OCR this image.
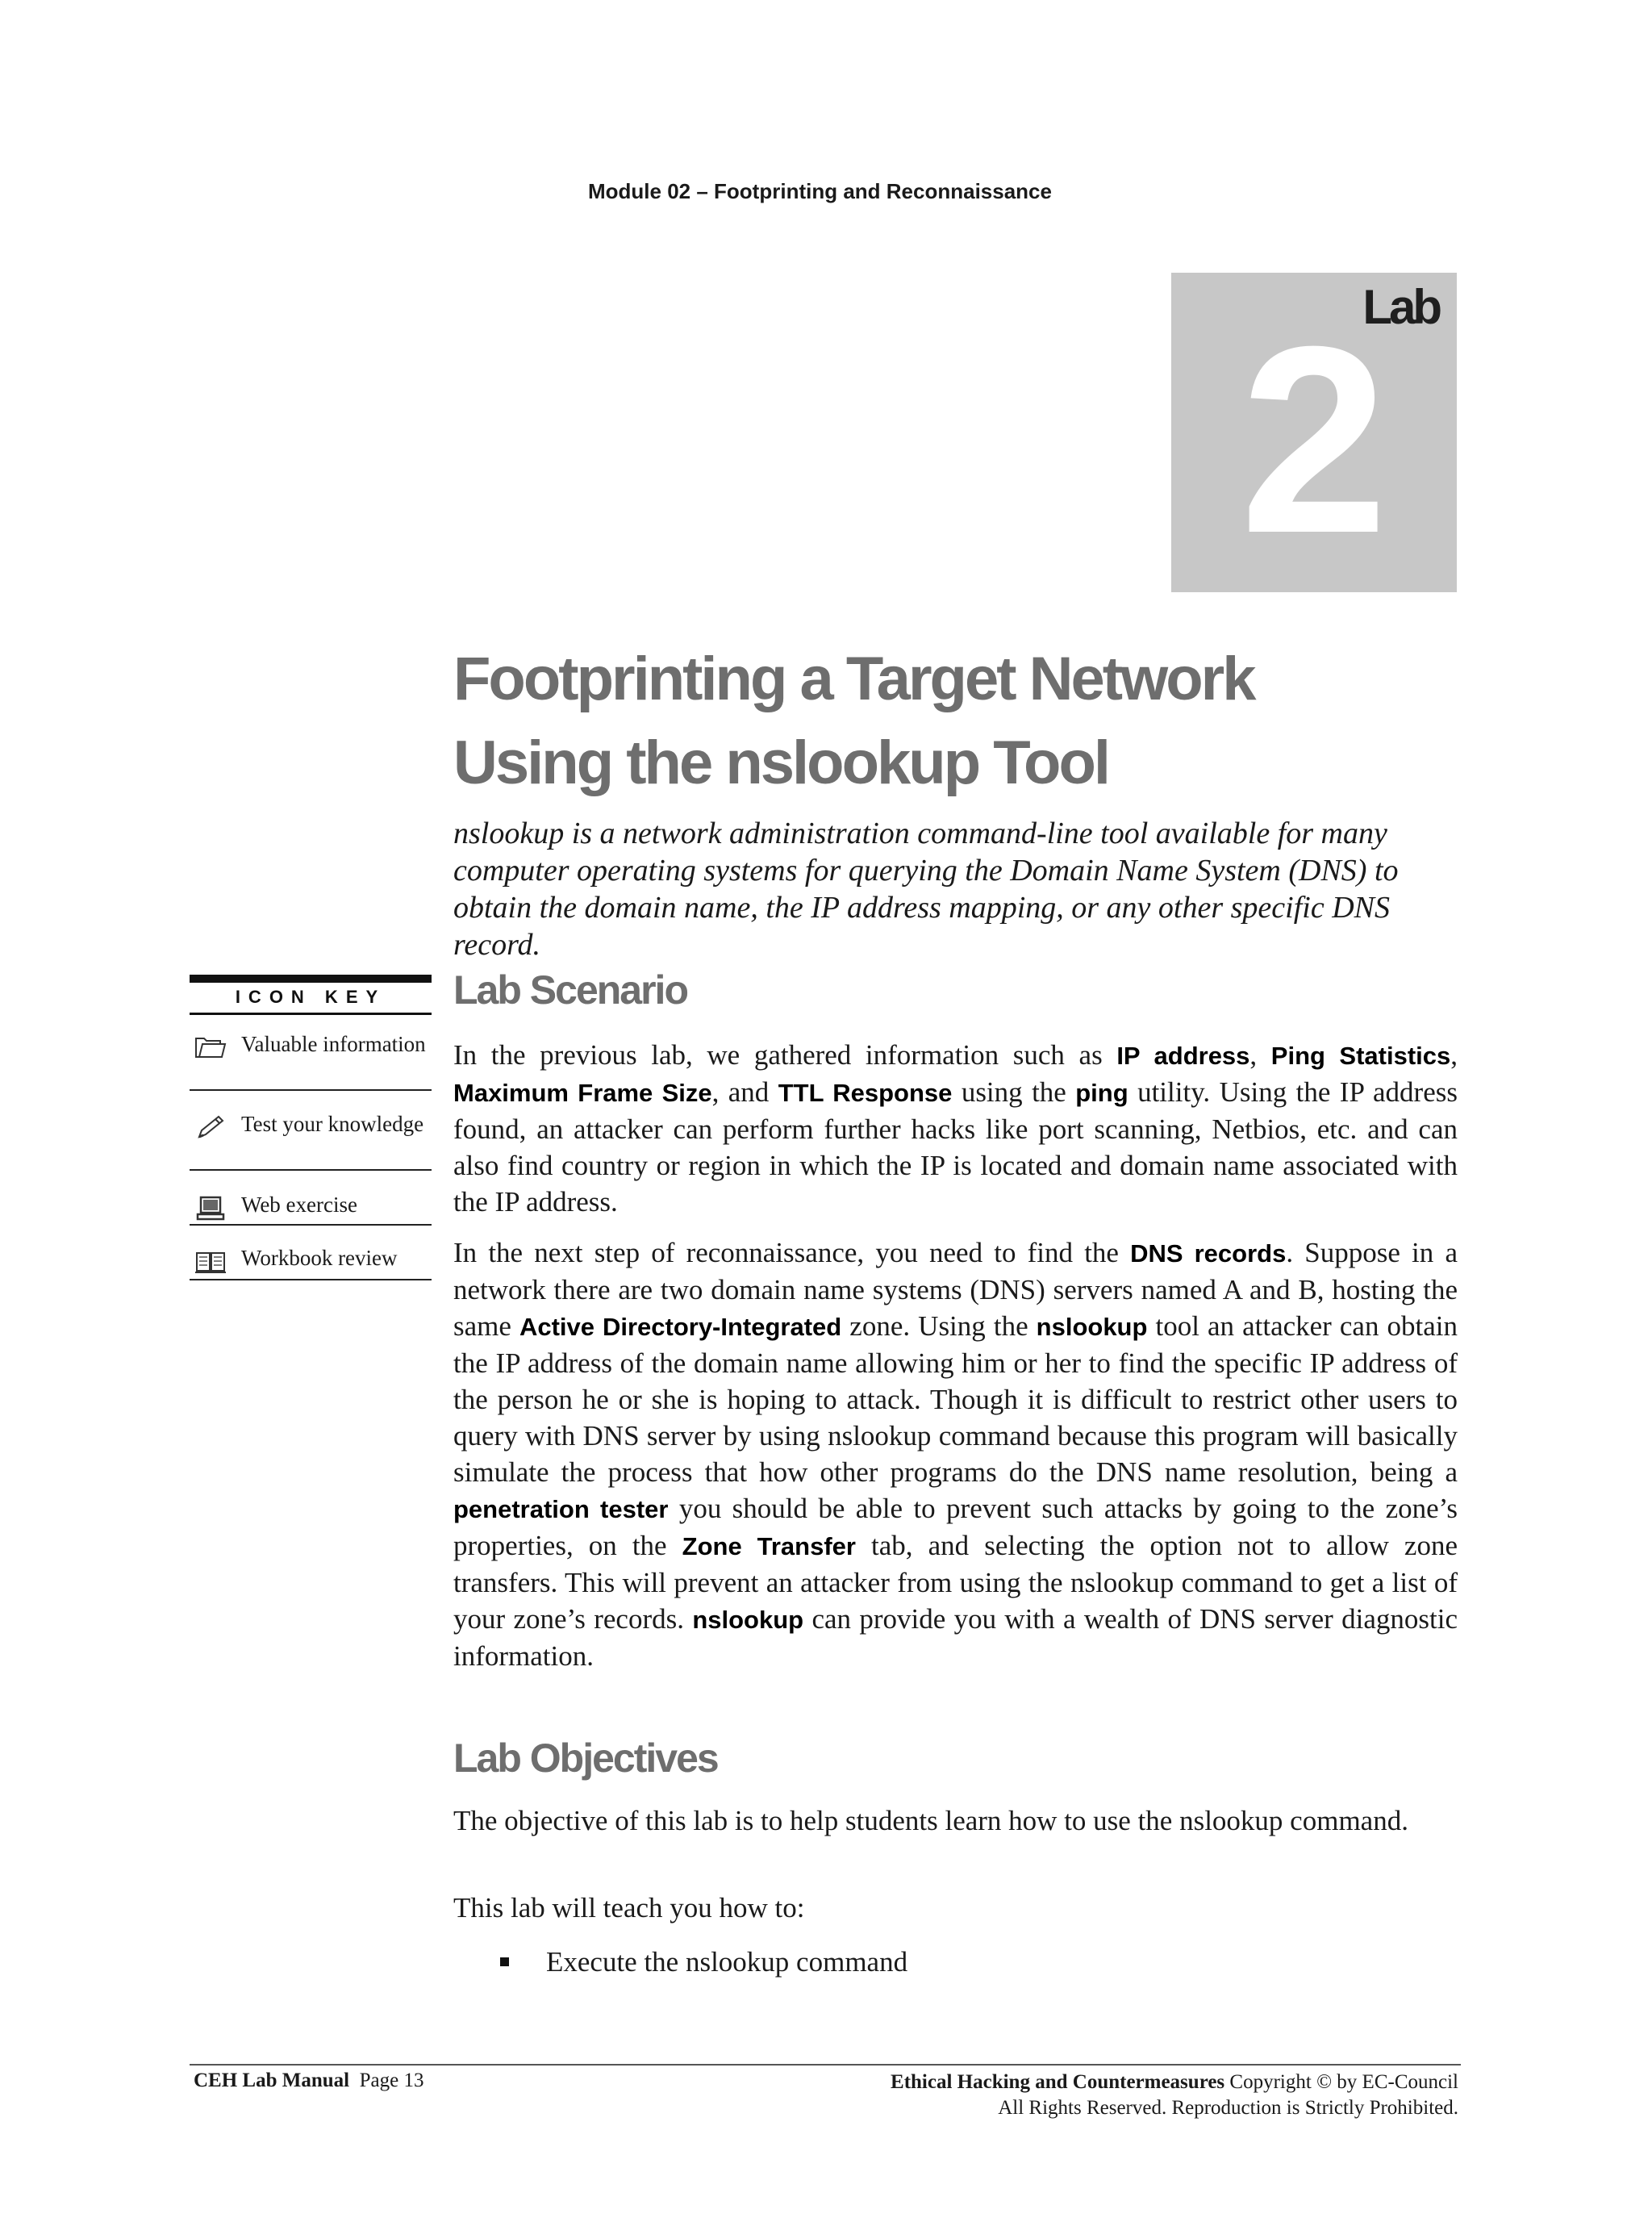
Module 02 – Footprinting and Reconnaissance
Lab
2
Footprinting a Target Network
Using the nslookup Tool
nslookup is a network administration command-line tool available for many computer operating systems for querying the Domain Name System (DNS) to obtain the domain name, the IP address mapping, or any other specific DNS record.
ICON KEY
Valuable information
Test your knowledge
Web exercise
Workbook review
Lab Scenario

In the previous lab, we gathered information such as IP address, Ping Statistics, Maximum Frame Size, and TTL Response using the ping utility. Using the IP address found, an attacker can perform further hacks like port scanning, Netbios, etc. and can also find country or region in which the IP is located and domain name associated with the IP address.

In the next step of reconnaissance, you need to find the DNS records. Suppose in a network there are two domain name systems (DNS) servers named A and B, hosting the same Active Directory-Integrated zone. Using the nslookup tool an attacker can obtain the IP address of the domain name allowing him or her to find the specific IP address of the person he or she is hoping to attack. Though it is difficult to restrict other users to query with DNS server by using nslookup command because this program will basically simulate the process that how other programs do the DNS name resolution, being a penetration tester you should be able to prevent such attacks by going to the zone’s properties, on the Zone Transfer tab, and selecting the option not to allow zone transfers. This will prevent an attacker from using the nslookup command to get a list of your zone’s records. nslookup can provide you with a wealth of DNS server diagnostic information.

Lab Objectives

The objective of this lab is to help students learn how to use the nslookup command.

This lab will teach you how to:

Execute the nslookup command
CEH Lab Manual Page 13	Ethical Hacking and Countermeasures Copyright © by EC-Council
All Rights Reserved. Reproduction is Strictly Prohibited.
